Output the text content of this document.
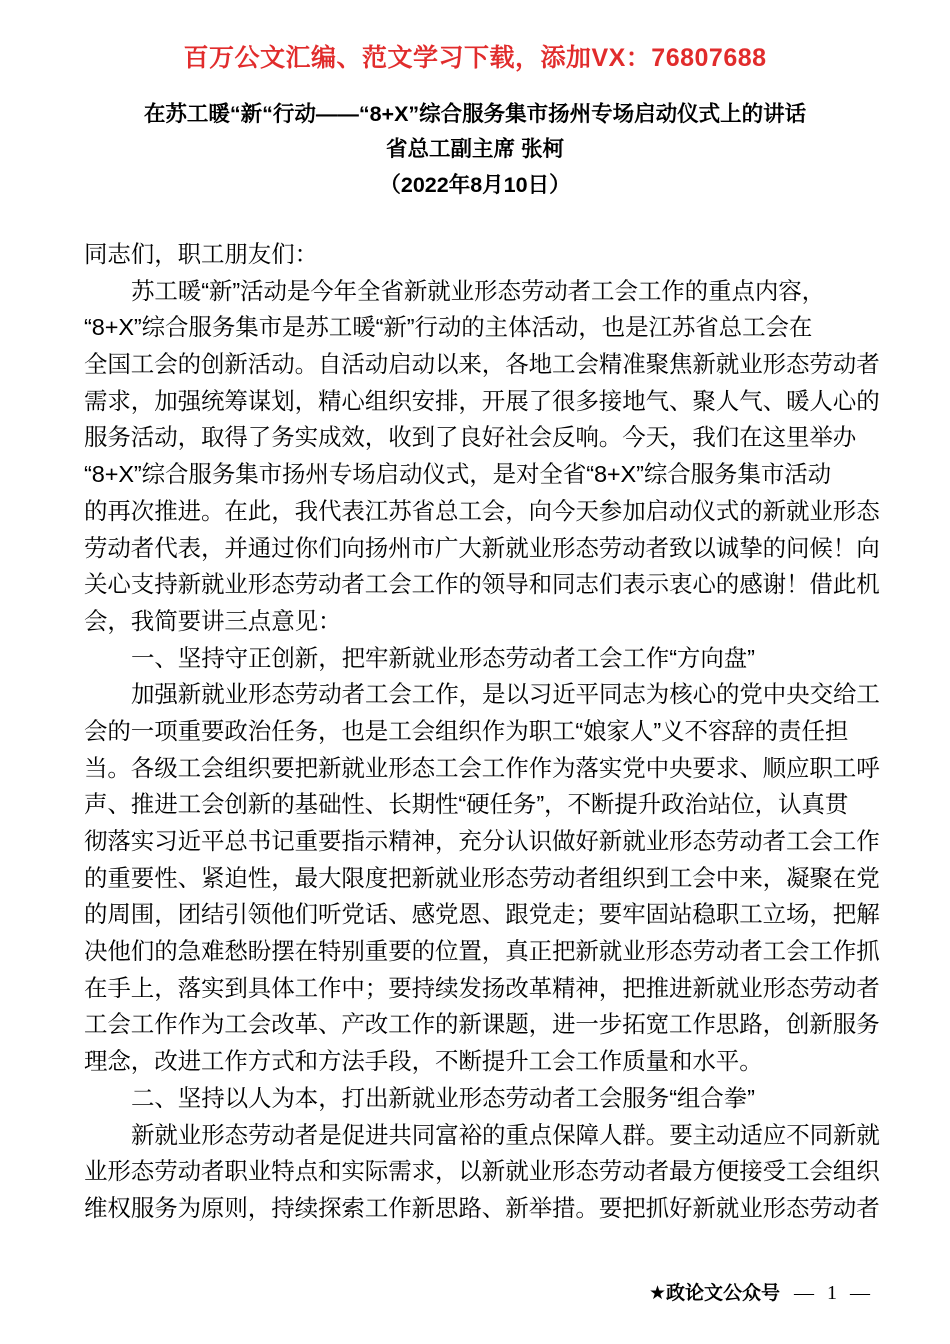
百万公文汇编、范文学习下载，添加VX：76807688
在苏工暖“新“行动——“8+X”综合服务集市扬州专场启动仪式上的讲话
省总工副主席 张柯
（2022年8月10日）
同志们，职工朋友们：
苏工暖“新”活动是今年全省新就业形态劳动者工会工作的重点内容，
“8+X”综合服务集市是苏工暖“新”行动的主体活动，也是江苏省总工会在
全国工会的创新活动。自活动启动以来，各地工会精准聚焦新就业形态劳动者
需求，加强统筹谋划，精心组织安排，开展了很多接地气、聚人气、暖人心的
服务活动，取得了务实成效，收到了良好社会反响。今天，我们在这里举办
“8+X”综合服务集市扬州专场启动仪式，是对全省“8+X”综合服务集市活动
的再次推进。在此，我代表江苏省总工会，向今天参加启动仪式的新就业形态
劳动者代表，并通过你们向扬州市广大新就业形态劳动者致以诚挚的问候！向
关心支持新就业形态劳动者工会工作的领导和同志们表示衷心的感谢！借此机
会，我简要讲三点意见：
一、坚持守正创新，把牢新就业形态劳动者工会工作“方向盘”
加强新就业形态劳动者工会工作，是以习近平同志为核心的党中央交给工
会的一项重要政治任务，也是工会组织作为职工“娘家人”义不容辞的责任担
当。各级工会组织要把新就业形态工会工作作为落实党中央要求、顺应职工呼
声、推进工会创新的基础性、长期性“硬任务”，不断提升政治站位，认真贯
彻落实习近平总书记重要指示精神，充分认识做好新就业形态劳动者工会工作
的重要性、紧迫性，最大限度把新就业形态劳动者组织到工会中来，凝聚在党
的周围，团结引领他们听党话、感党恩、跟党走；要牢固站稳职工立场，把解
决他们的急难愁盼摆在特别重要的位置，真正把新就业形态劳动者工会工作抓
在手上，落实到具体工作中；要持续发扬改革精神，把推进新就业形态劳动者
工会工作作为工会改革、产改工作的新课题，进一步拓宽工作思路，创新服务
理念，改进工作方式和方法手段，不断提升工会工作质量和水平。
二、坚持以人为本，打出新就业形态劳动者工会服务“组合拳”
新就业形态劳动者是促进共同富裕的重点保障人群。要主动适应不同新就
业形态劳动者职业特点和实际需求，以新就业形态劳动者最方便接受工会组织
维权服务为原则，持续探索工作新思路、新举措。要把抓好新就业形态劳动者
★政论文公众号 — 1 —
